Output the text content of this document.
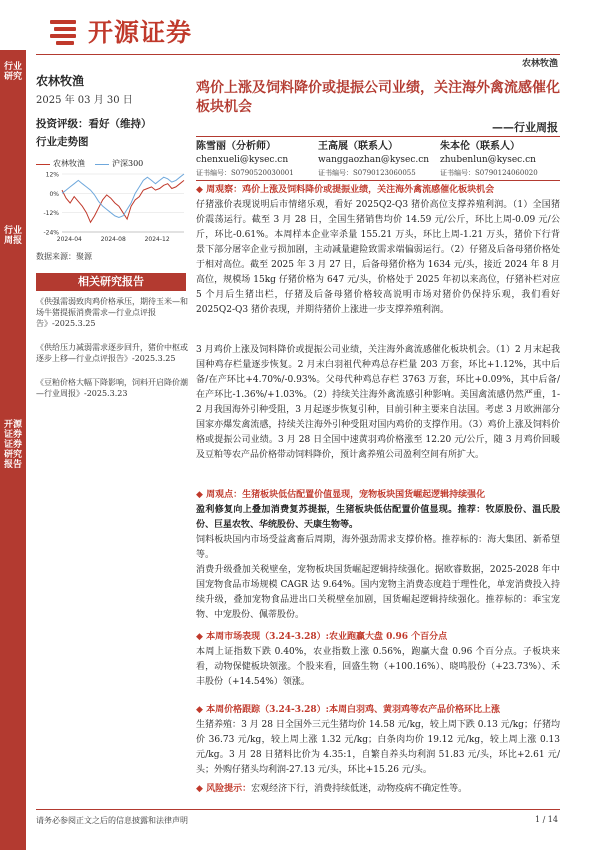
行业研究
行业周报
开源证券 证券研究报告
开源证券
农林牧渔
农林牧渔
2025 年 03 月 30 日
投资评级：看好（维持）
行业走势图
农林牧渔	沪深300
12%
0%
-12%
-24%
2024-04	2024-08	2024-12
数据来源：聚源
相关研究报告
《供强需弱致肉鸡价格承压，期待玉米—和场牛猪提振消费需求—行业点评报告》-2025.3.25
《供给压力减弱需求逐步回升，猪价中枢或逐步上移—行业点评报告》-2025.3.25
《豆粕价格大幅下降影响，饲料开启降价潮—行业周报》-2025.3.23
鸡价上涨及饲料降价或提振公司业绩，关注海外禽流感催化板块机会
——行业周报
陈雪丽（分析师）
chenxueli@kysec.cn
证书编号：S0790520030001
王高展（联系人）
wanggaozhan@kysec.cn
证书编号：S0790123060055
朱本伦（联系人）
zhubenlun@kysec.cn
证书编号：S0790124060020
◆ 周观察：鸡价上涨及饲料降价或提振业绩，关注海外禽流感催化板块机会
仔猪涨价表现说明后市情绪乐观，看好 2025Q2-Q3 猪价高位支撑养殖利润。（1）全国猪价震荡运行。截至 3 月 28 日，全国生猪销售均价 14.59 元/公斤，环比上周-0.09 元/公斤，环比-0.61%。本周样本企业宰杀量 155.21 万头，环比上周-1.21 万头，猪价下行背景下部分屠宰企业亏损加剧，主动减量避险致需求端偏弱运行。（2）仔猪及后备母猪价格处于相对高位。截至 2025 年 3 月 27 日，后备母猪价格为 1634 元/头，接近 2024 年 8 月高位，规模场 15kg 仔猪价格为 647 元/头，价格处于 2025 年初以来高位，仔猪补栏对应 5 个月后生猪出栏，仔猪及后备母猪价格较高说明市场对猪价仍保持乐观，我们看好 2025Q2-Q3 猪价表现，并期待猪价上涨进一步支撑养殖利润。
3 月鸡价上涨及饲料降价或提振公司业绩，关注海外禽流感催化板块机会。（1）2 月末起我国种鸡存栏量逐步恢复。2 月末白羽祖代种鸡总存栏量 203 万套，环比+1.12%，其中后备/在产环比+4.70%/-0.93%。父母代种鸡总存栏 3763 万套，环比+0.09%，其中后备/在产环比-1.36%/+1.03%。（2）持续关注海外禽流感引种影响。美国禽流感仍然严重，1-2 月我国海外引种受阻，3 月起逐步恢复引种，目前引种主要来自法国。考虑 3 月欧洲部分国家亦爆发禽流感，持续关注海外引种受阻对国内鸡价的支撑作用。（3）鸡价上涨及饲料价格或提振公司业绩。3 月 28 日全国中速黄羽鸡价格涨至 12.20 元/公斤，随 3 月鸡价回暖及豆粕等农产品价格带动饲料降价，预计禽养殖公司盈利空间有所扩大。
◆ 周观点：生猪板块低估配置价值显现，宠物板块国货崛起逻辑持续强化
盈利修复向上叠加消费复苏提振，生猪板块低估配置价值显现。推荐：牧原股份、温氏股份、巨星农牧、华统股份、天康生物等。
饲料板块国内市场受益禽畜后周期，海外强劲需求支撑价格。推荐标的：海大集团、新希望等。
消费升级叠加关税壁垒，宠物板块国货崛起逻辑持续强化。据欧睿数据，2025-2028 年中国宠物食品市场规模 CAGR 达 9.64%。国内宠物主消费态度趋于理性化，单宠消费投入持续升级，叠加宠物食品进出口关税壁垒加剧，国货崛起逻辑持续强化。推荐标的：乖宝宠物、中宠股份、佩蒂股份。
◆ 本周市场表现（3.24-3.28）:农业跑赢大盘 0.96 个百分点
本周上证指数下跌 0.40%，农业指数上涨 0.56%，跑赢大盘 0.96 个百分点。子板块来看，动物保健板块领涨。个股来看，回盛生物（+100.16%）、晓鸣股份（+23.73%）、禾丰股份（+14.54%）领涨。
◆ 本周价格跟踪（3.24-3.28）:本周白羽鸡、黄羽鸡等农产品价格环比上涨
生猪养殖：3 月 28 日全国外三元生猪均价 14.58 元/kg，较上周下跌 0.13 元/kg；仔猪均价 36.73 元/kg，较上周上涨 1.32 元/kg；白条肉均价 19.12 元/kg，较上周上涨 0.13 元/kg。3 月 28 日猪料比价为 4.35:1，自繁自养头均利润 51.83 元/头，环比+2.61 元/头；外购仔猪头均利润-27.13 元/头，环比+15.26 元/头。
◆ 风险提示：宏观经济下行，消费持续低迷，动物疫病不确定性等。
请务必参阅正文之后的信息披露和法律声明	1 / 14
